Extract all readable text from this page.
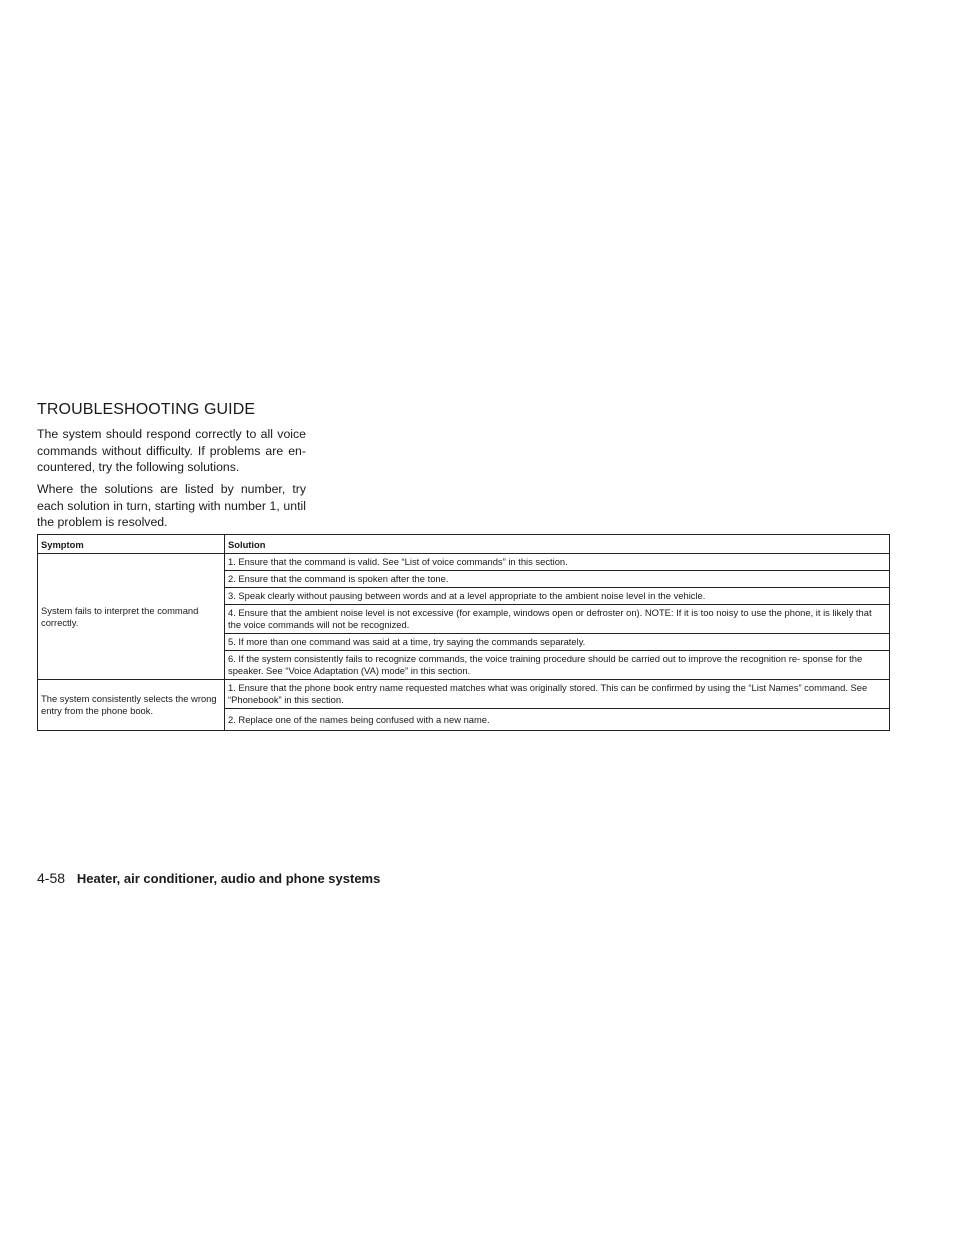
TROUBLESHOOTING GUIDE

The system should respond correctly to all voice commands without difficulty. If problems are en- countered, try the following solutions.

Where the solutions are listed by number, try each solution in turn, starting with number 1, until the problem is resolved.

Symptom	Solution
System fails to interpret the command correctly.	1. Ensure that the command is valid. See “List of voice commands” in this section.
	2. Ensure that the command is spoken after the tone.
	3. Speak clearly without pausing between words and at a level appropriate to the ambient noise level in the vehicle.
	4. Ensure that the ambient noise level is not excessive (for example, windows open or defroster on). NOTE: If it is too noisy to use the phone, it is likely that the voice commands will not be recognized.
	5. If more than one command was said at a time, try saying the commands separately.
	6. If the system consistently fails to recognize commands, the voice training procedure should be carried out to improve the recognition re- sponse for the speaker. See “Voice Adaptation (VA) mode” in this section.
The system consistently selects the wrong entry from the phone book.	1. Ensure that the phone book entry name requested matches what was originally stored. This can be confirmed by using the “List Names” command. See “Phonebook” in this section.
	2. Replace one of the names being confused with a new name.
4-58 Heater, air conditioner, audio and phone systems
